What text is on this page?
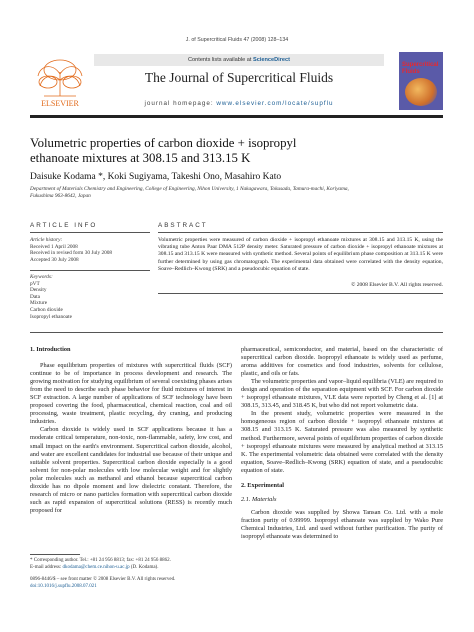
J. of Supercritical Fluids 47 (2008) 128–134
Contents lists available at ScienceDirect
The Journal of Supercritical Fluids
journal homepage: www.elsevier.com/locate/supflu
ELSEVIER
Supercritical Fluids
Volumetric properties of carbon dioxide + isopropyl ethanoate mixtures at 308.15 and 313.15 K
Daisuke Kodama *, Koki Sugiyama, Takeshi Ono, Masahiro Kato
Department of Materials Chemistry and Engineering, College of Engineering, Nihon University, 1 Nakagawara, Tokusada, Tamura-machi, Koriyama, Fukushima 963-8642, Japan
ARTICLE INFO	ABSTRACT
Article history:
Received 1 April 2008
Received in revised form 30 July 2008
Accepted 30 July 2008
Keywords:
pVT
Density
Data
Mixture
Carbon dioxide
Isopropyl ethanoate
Volumetric properties were measured of carbon dioxide + isopropyl ethanoate mixtures at 308.15 and 313.15 K, using the vibrating tube Anton Paar DMA 512P density meter. Saturated pressure of carbon dioxide + isopropyl ethanoate mixtures at 308.15 and 313.15 K were measured with synthetic method. Several points of equilibrium phase composition at 313.15 K were further determined by using gas chromatograph. The experimental data obtained were correlated with the density equation, Soave–Redlich–Kwong (SRK) and a pseudocubic equation of state.
© 2008 Elsevier B.V. All rights reserved.
1. Introduction

Phase equilibrium properties of mixtures with supercritical fluids (SCF) continue to be of importance in process development and research. The growing motivation for studying equilibrium of several coexisting phases arises from the need to describe such phase behavior for fluid mixtures of interest in SCF extraction. A large number of applications of SCF technology have been proposed covering the food, pharmaceutical, chemical reaction, coal and oil processing, waste treatment, plastic recycling, dry craning, and producing industries.

Carbon dioxide is widely used in SCF applications because it has a moderate critical temperature, non-toxic, non-flammable, safety, low cost, and small impact on the earth's environment. Supercritical carbon dioxide, alcohol, and water are excellent candidates for industrial use because of their unique and suitable solvent properties. Supercritical carbon dioxide especially is a good solvent for non-polar molecules with low molecular weight and for slightly polar molecules such as methanol and ethanol because supercritical carbon dioxide has no dipole moment and low dielectric constant. Therefore, the research of micro or nano particles formation with supercritical carbon dioxide such as rapid expansion of supercritical solutions (RESS) is recently much proposed for

pharmaceutical, semiconductor, and material, based on the characteristic of supercritical carbon dioxide. Isopropyl ethanoate is widely used as perfume, aroma additives for cosmetics and food industries, solvents for cellulose, plastic, and oils or fats.

The volumetric properties and vapor–liquid equilibria (VLE) are required to design and operation of the separation equipment with SCF. For carbon dioxide + isopropyl ethanoate mixtures, VLE data were reported by Cheng et al. [1] at 308.15, 313.45, and 318.45 K, but who did not report volumetric data.

In the present study, volumetric properties were measured in the homogeneous region of carbon dioxide + isopropyl ethanoate mixtures at 308.15 and 313.15 K. Saturated pressure was also measured by synthetic method. Furthermore, several points of equilibrium properties of carbon dioxide + isopropyl ethanoate mixtures were measured by analytical method at 313.15 K. The experimental volumetric data obtained were correlated with the density equation, Soave–Redlich–Kwong (SRK) equation of state, and a pseudocubic equation of state.

2. Experimental
2.1. Materials

Carbon dioxide was supplied by Showa Tansan Co. Ltd. with a mole fraction purity of 0.99999. Isopropyl ethanoate was supplied by Wako Pure Chemical Industries, Ltd. and used without further purification. The purity of isopropyl ethanoate was determined to

* Corresponding author. Tel.: +81 24 956 8813; fax: +81 24 956 8862.
E-mail address: dkodama@chem.ce.nihon-u.ac.jp (D. Kodama).
0896-8446/$ – see front matter © 2008 Elsevier B.V. All rights reserved.
doi:10.1016/j.supflu.2008.07.021
